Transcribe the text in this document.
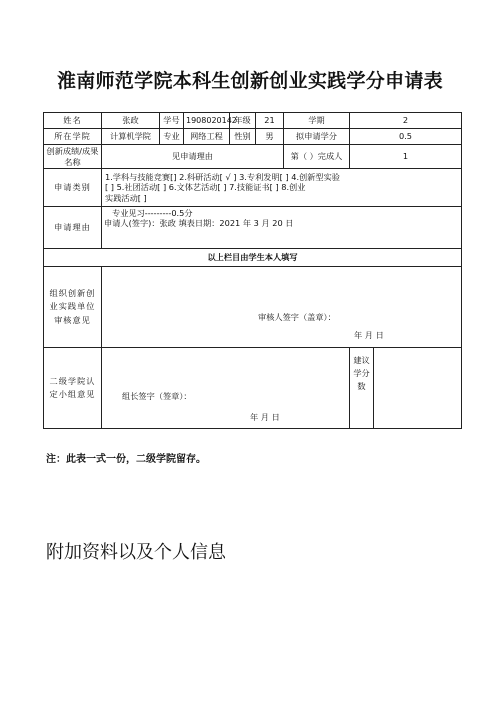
淮南师范学院本科生创新创业实践学分申请表
姓名	张政	学号	1908020142	年级	21	学期	2	
所在学院	计算机学院	专业	网络工程	性别	男	拟申请学分	0.5	
创新成绩/成果名称	见申请理由					第（ ）完成人	1	
申请类别	1.学科与技能竞赛[] 2.科研活动[ √ ] 3.专利发明[ ] 4.创新型实验
[ ] 5.社团活动[ ] 6.文体艺活动[ ] 7.技能证书[ ] 8.创业
实践活动[ ]							

申请理由	专业见习---------0.5分
申请人(签字)：张政 填表日期：2021 年 3 月 20 日							

以上栏目由学生本人填写								
组织创新创业实践单位审核意见	审核人签字（盖章）：
年 月 日							

二级学院认定小组意见	组长签字（签章）：
年 月 日						建议学分数	
注：此表一式一份，二级学院留存。
附加资料以及个人信息
